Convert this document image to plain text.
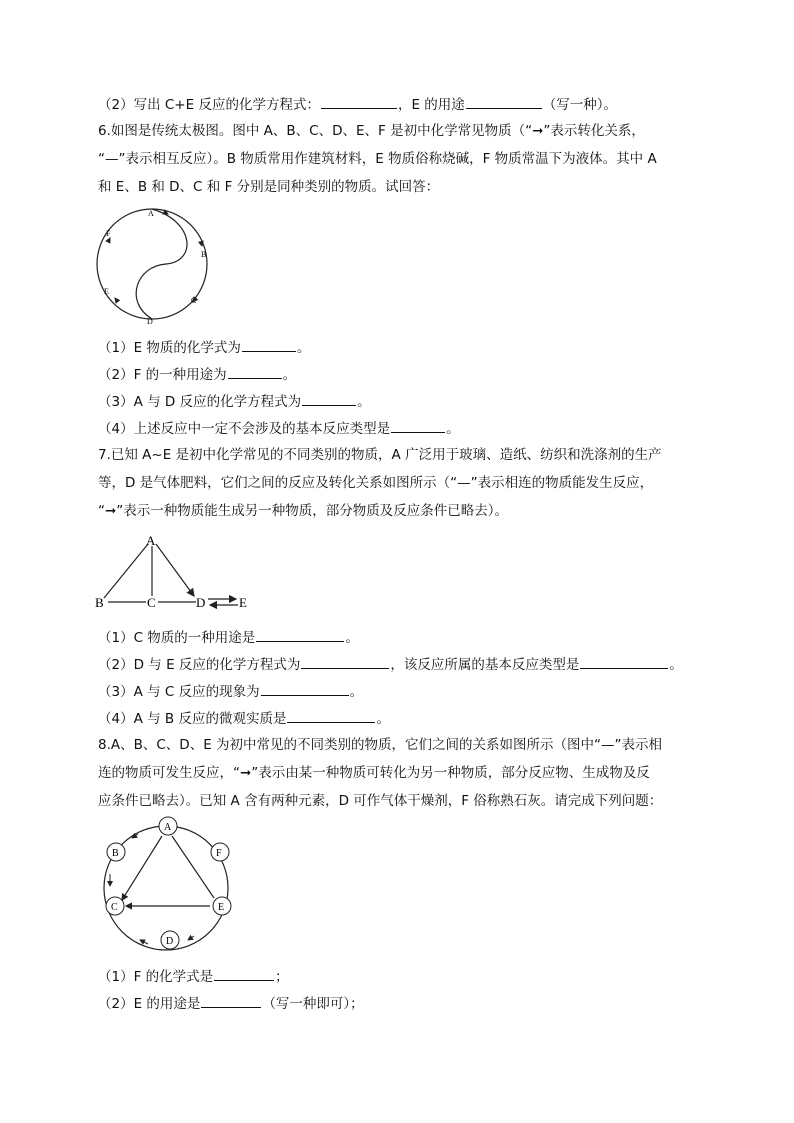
（2）写出 C+E 反应的化学方程式：	，E 的用途	（写一种）。
6.如图是传统太极图。图中 A、B、C、D、E、F 是初中化学常见物质（“➞”表示转化关系，
“—”表示相互反应）。B 物质常用作建筑材料，E 物质俗称烧碱，F 物质常温下为液体。其中 A
和 E、B 和 D、C 和 F 分别是同种类别的物质。试回答：
A
B
C
D
E
F
（1）E 物质的化学式为	。
（2）F 的一种用途为	。
（3）A 与 D 反应的化学方程式为	。
（4）上述反应中一定不会涉及的基本反应类型是	。
7.已知 A~E 是初中化学常见的不同类别的物质，A 广泛用于玻璃、造纸、纺织和洗涤剂的生产
等，D 是气体肥料，它们之间的反应及转化关系如图所示（“—”表示相连的物质能发生反应，
“➞”表示一种物质能生成另一种物质，部分物质及反应条件已略去）。
A
B	C	D	E
（1）C 物质的一种用途是	。
（2）D 与 E 反应的化学方程式为	，该反应所属的基本反应类型是	。
（3）A 与 C 反应的现象为	。
（4）A 与 B 反应的微观实质是	。
8.A、B、C、D、E 为初中常见的不同类别的物质，它们之间的关系如图所示（图中“—”表示相
连的物质可发生反应，“➞”表示由某一种物质可转化为另一种物质，部分反应物、生成物及反
应条件已略去）。已知 A 含有两种元素，D 可作气体干燥剂，F 俗称熟石灰。请完成下列问题：
A
B
C
D
E
F
（1）F 的化学式是	；
（2）E 的用途是	（写一种即可）；
